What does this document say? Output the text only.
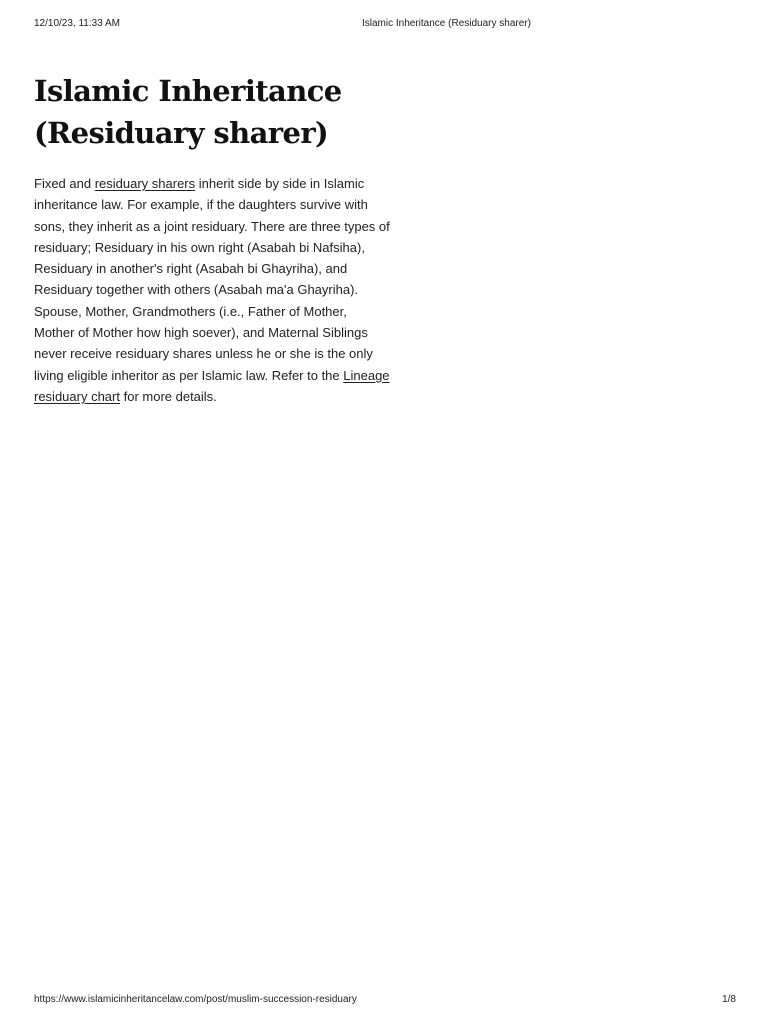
12/10/23, 11:33 AM	Islamic Inheritance (Residuary sharer)
Islamic Inheritance
(Residuary sharer)

Fixed and residuary sharers inherit side by side in Islamic inheritance law. For example, if the daughters survive with sons, they inherit as a joint residuary. There are three types of residuary; Residuary in his own right (Asabah bi Nafsiha), Residuary in another's right (Asabah bi Ghayriha), and Residuary together with others (Asabah ma'a Ghayriha). Spouse, Mother, Grandmothers (i.e., Father of Mother, Mother of Mother how high soever), and Maternal Siblings never receive residuary shares unless he or she is the only living eligible inheritor as per Islamic law. Refer to the Lineage residuary chart for more details.

https://www.islamicinheritancelaw.com/post/muslim-succession-residuary	1/8
